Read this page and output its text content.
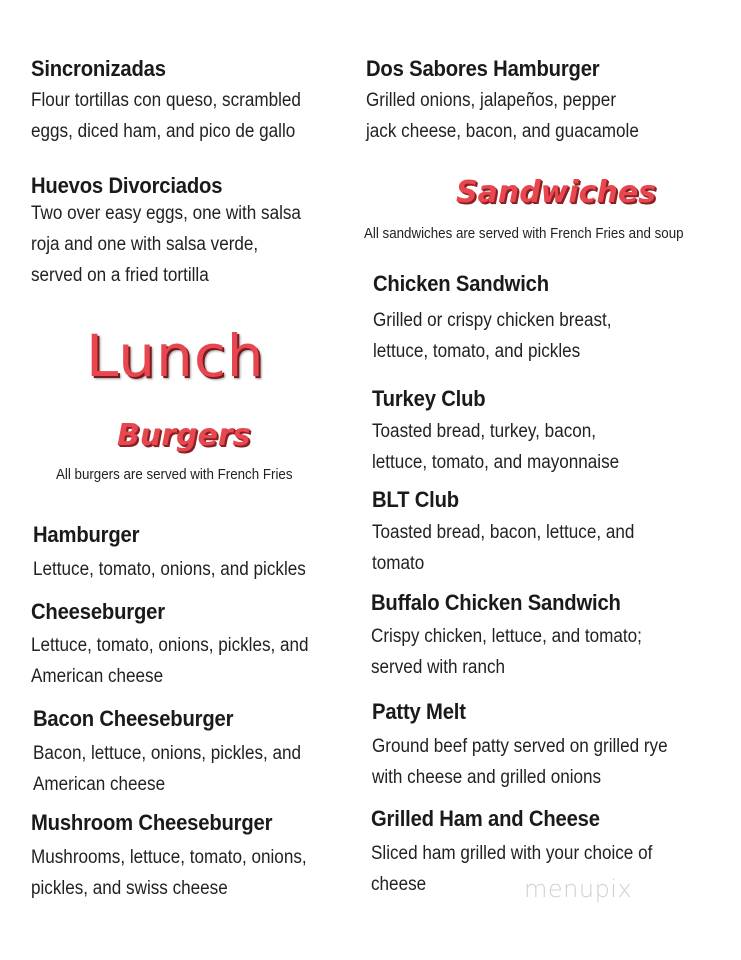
Sincronizadas
Flour tortillas con queso, scrambled
eggs, diced ham, and pico de gallo
Huevos Divorciados
Two over easy eggs, one with salsa
roja and one with salsa verde,
served on a fried tortilla
Lunch
Burgers
All burgers are served with French Fries
Hamburger
Lettuce, tomato, onions, and pickles
Cheeseburger
Lettuce, tomato, onions, pickles, and
American cheese
Bacon Cheeseburger
Bacon, lettuce, onions, pickles, and
American cheese
Mushroom Cheeseburger
Mushrooms, lettuce, tomato, onions,
pickles, and swiss cheese
Dos Sabores Hamburger
Grilled onions, jalapeños, pepper
jack cheese, bacon, and guacamole
Sandwiches
All sandwiches are served with French Fries and soup
Chicken Sandwich
Grilled or crispy chicken breast,
lettuce, tomato, and pickles
Turkey Club
Toasted bread, turkey, bacon,
lettuce, tomato, and mayonnaise
BLT Club
Toasted bread, bacon, lettuce, and
tomato
Buffalo Chicken Sandwich
Crispy chicken, lettuce, and tomato;
served with ranch
Patty Melt
Ground beef patty served on grilled rye
with cheese and grilled onions
Grilled Ham and Cheese
Sliced ham grilled with your choice of
cheese	menupix
